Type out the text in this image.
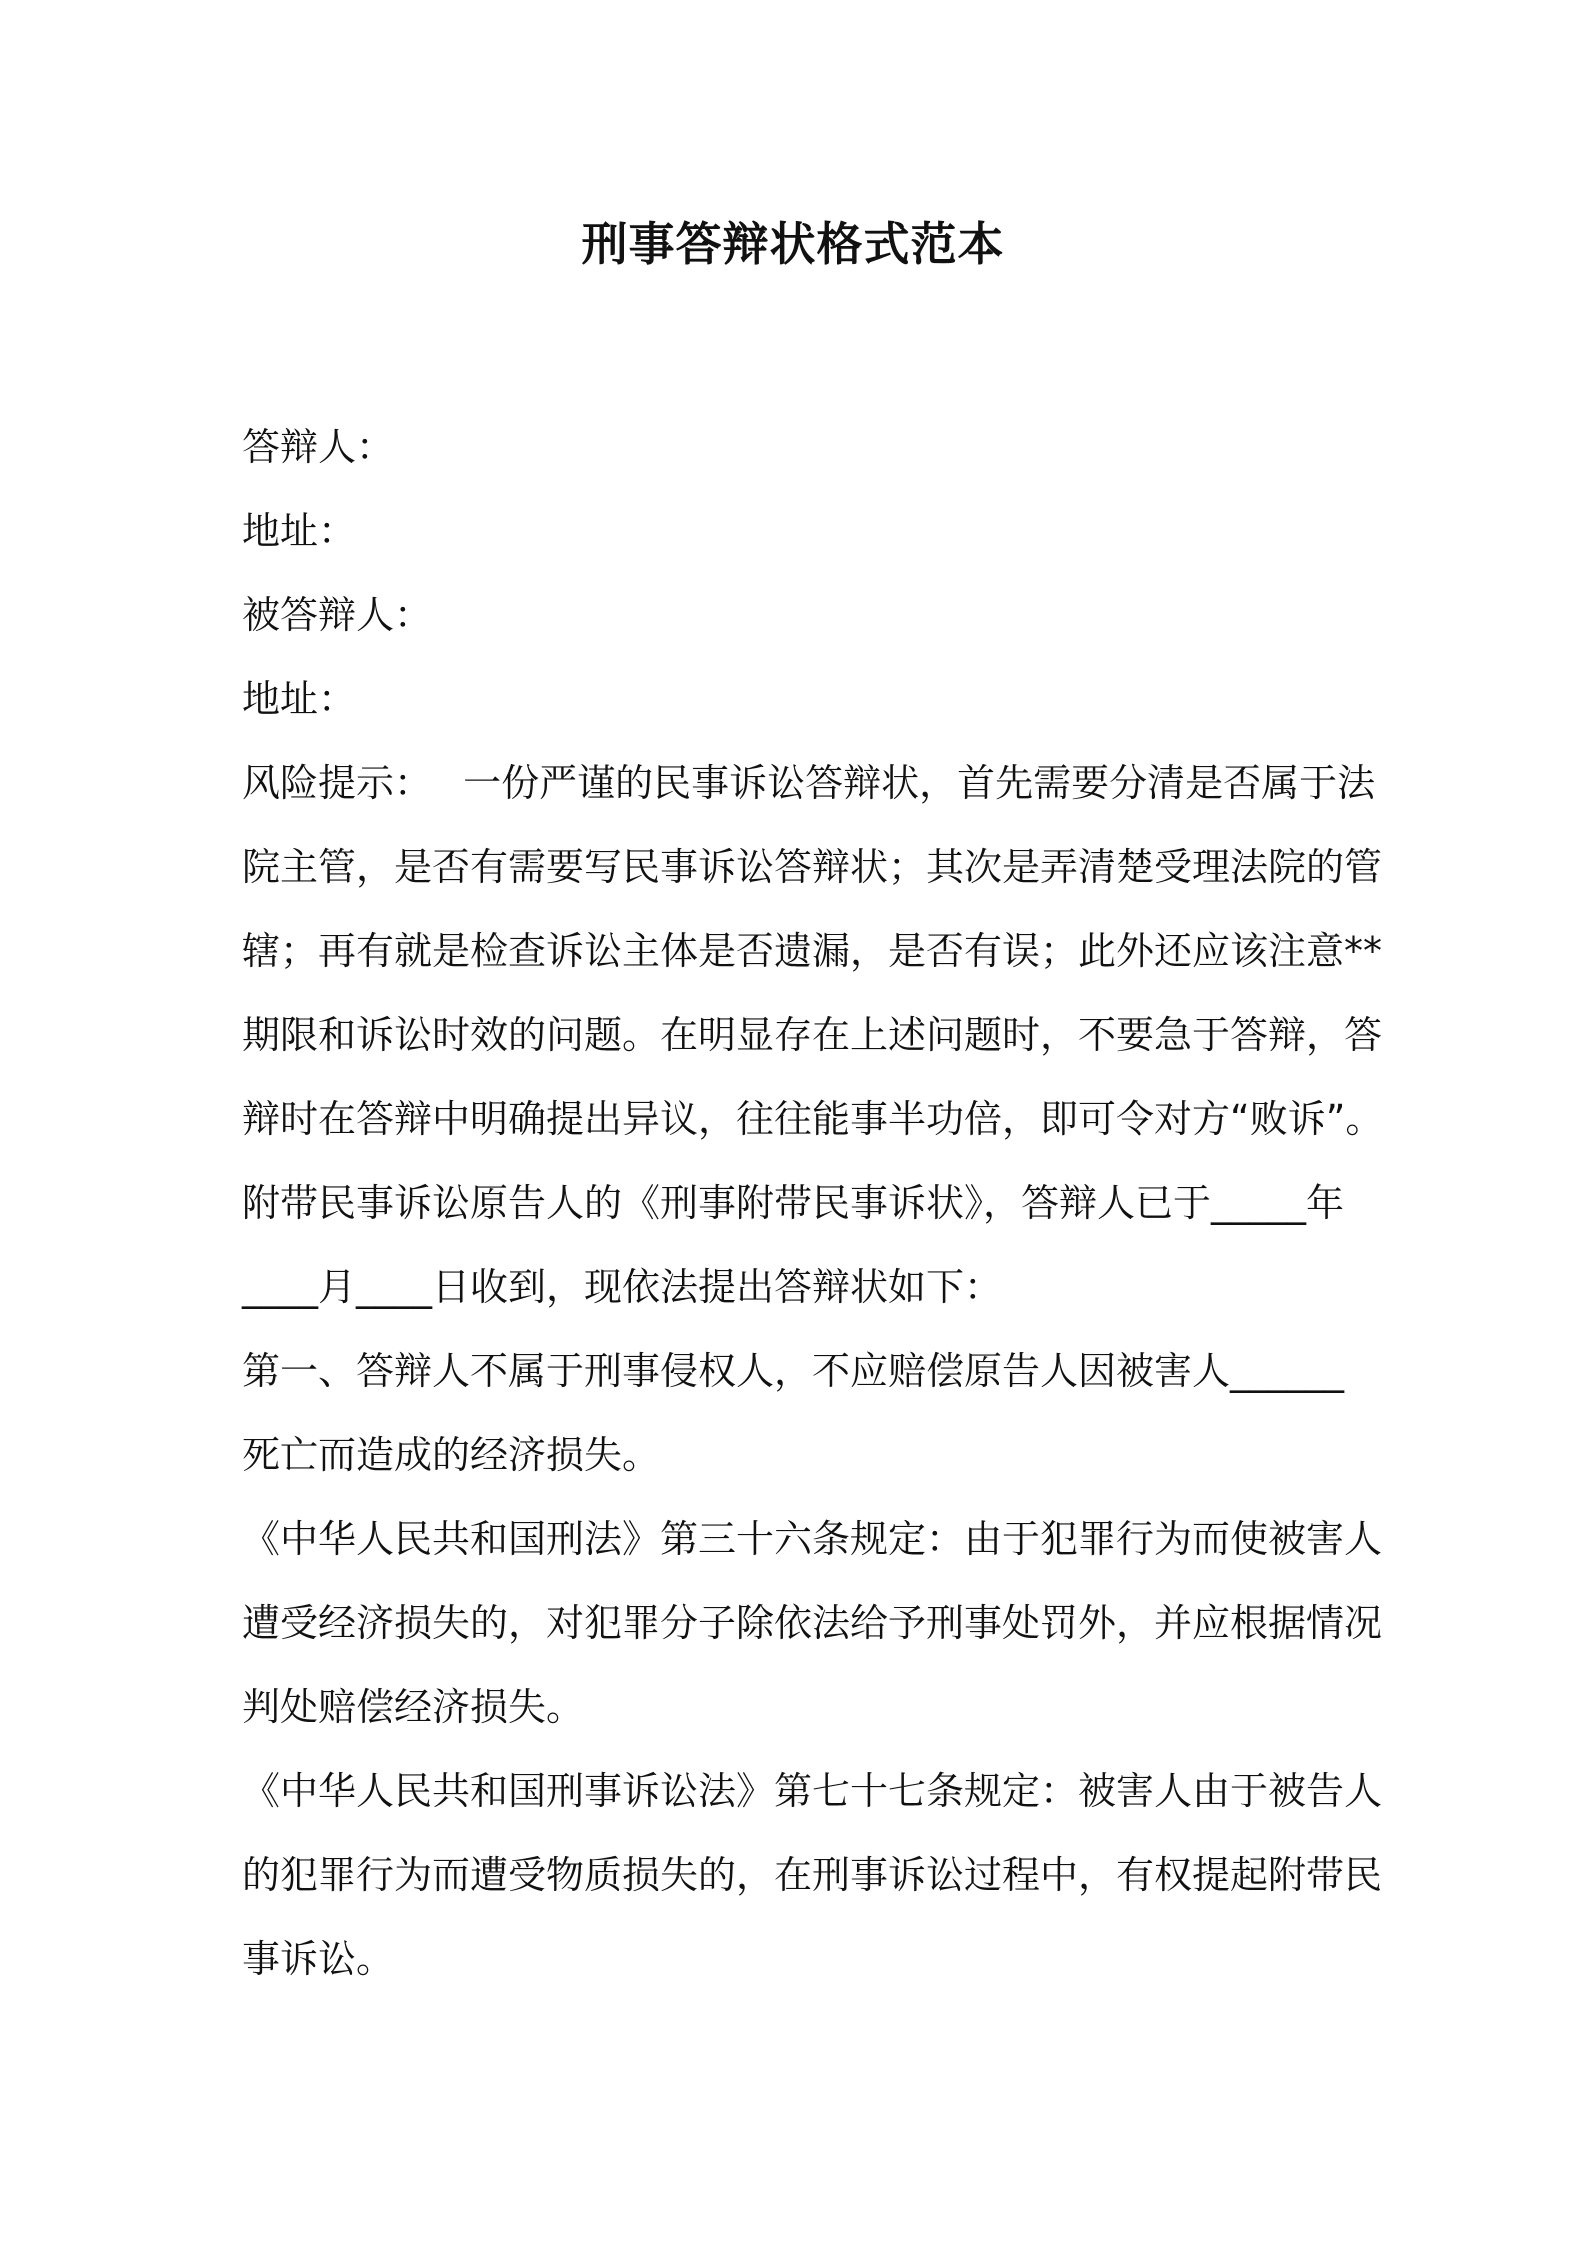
刑事答辩状格式范本
答辩人：
地址：
被答辩人：
地址：
风险提示：　 一份严谨的民事诉讼答辩状，首先需要分清是否属于法
院主管，是否有需要写民事诉讼答辩状；其次是弄清楚受理法院的管
辖；再有就是检查诉讼主体是否遗漏，是否有误；此外还应该注意**
期限和诉讼时效的问题。在明显存在上述问题时，不要急于答辩，答
辩时在答辩中明确提出异议，往往能事半功倍，即可令对方“败诉”。
附带民事诉讼原告人的《刑事附带民事诉状》，答辩人已于_____年
____月____日收到，现依法提出答辩状如下：
第一、答辩人不属于刑事侵权人，不应赔偿原告人因被害人______
死亡而造成的经济损失。
《中华人民共和国刑法》第三十六条规定：由于犯罪行为而使被害人
遭受经济损失的，对犯罪分子除依法给予刑事处罚外，并应根据情况
判处赔偿经济损失。
《中华人民共和国刑事诉讼法》第七十七条规定：被害人由于被告人
的犯罪行为而遭受物质损失的，在刑事诉讼过程中，有权提起附带民
事诉讼。
